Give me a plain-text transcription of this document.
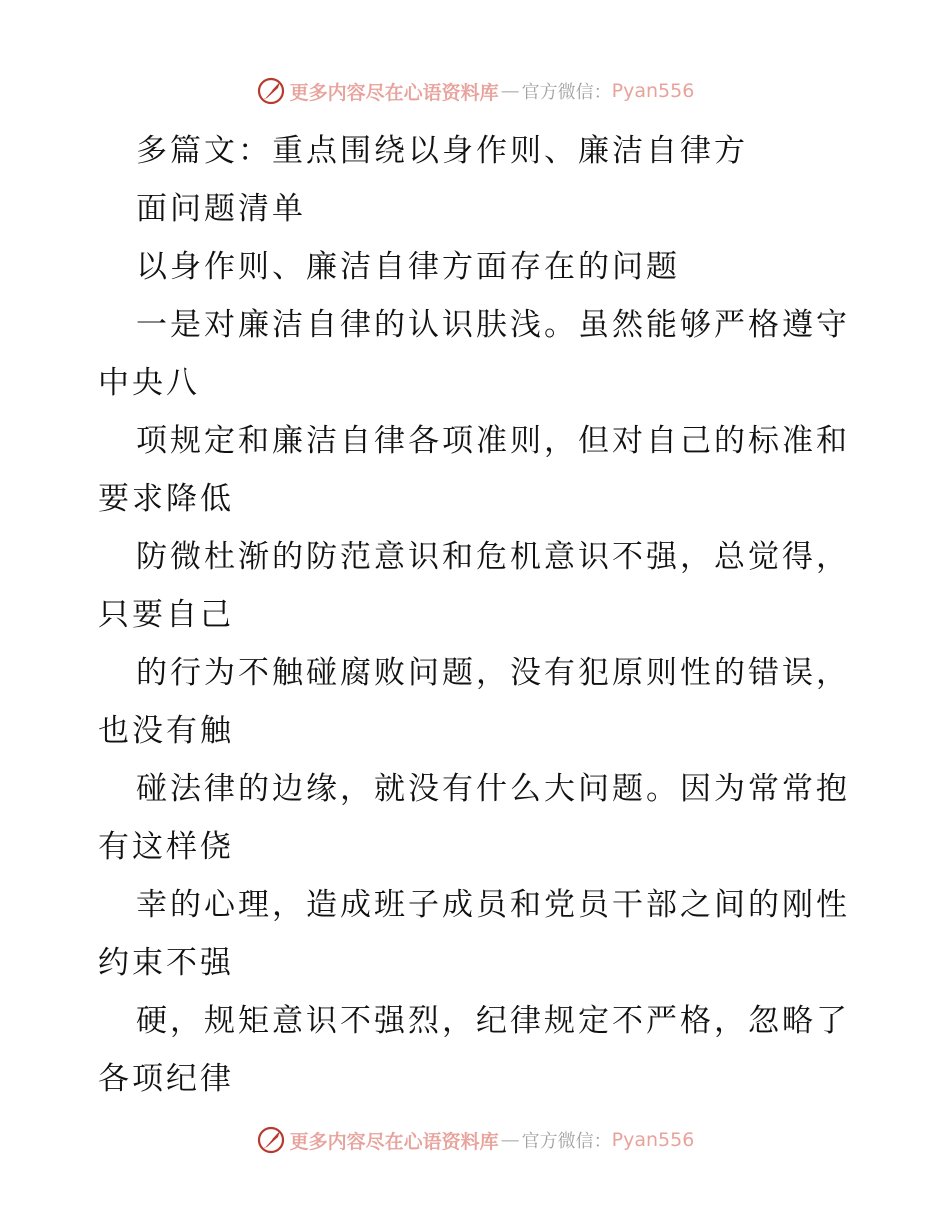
更多内容尽在心语资料库 — 官方微信： Pyan556
多篇文：重点围绕以身作则、廉洁自律方
面问题清单
以身作则、廉洁自律方面存在的问题
一是对廉洁自律的认识肤浅。虽然能够严格遵守
中央八
项规定和廉洁自律各项准则，但对自己的标准和
要求降低
防微杜渐的防范意识和危机意识不强，总觉得，
只要自己
的行为不触碰腐败问题，没有犯原则性的错误，
也没有触
碰法律的边缘，就没有什么大问题。因为常常抱
有这样侥
幸的心理，造成班子成员和党员干部之间的刚性
约束不强
硬，规矩意识不强烈，纪律规定不严格，忽略了
各项纪律
更多内容尽在心语资料库 — 官方微信： Pyan556
